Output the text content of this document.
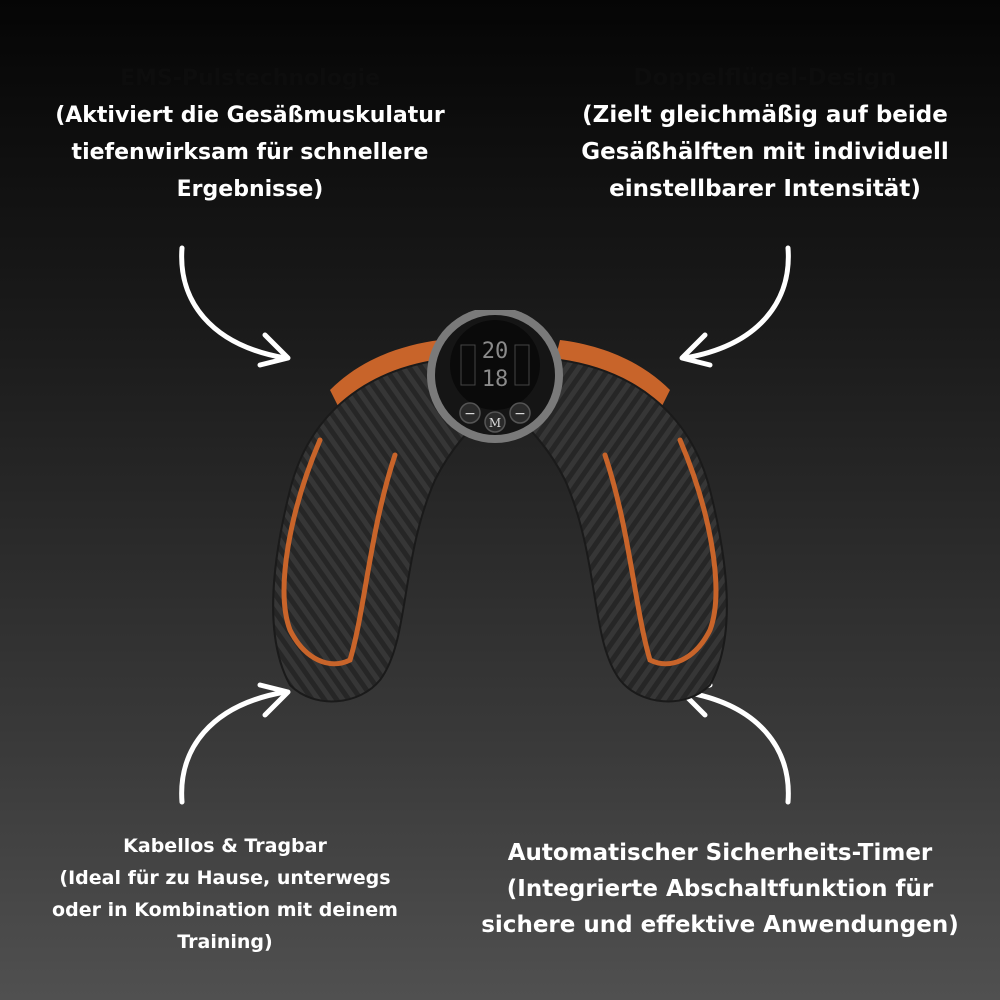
EMS-Pulstechnologie
(Aktiviert die Gesäßmuskulatur
tiefenwirksam für schnellere
Ergebnisse)
Doppelflügel-Design
(Zielt gleichmäßig auf beide
Gesäßhälften mit individuell
einstellbarer Intensität)
Kabellos & Tragbar
(Ideal für zu Hause, unterwegs
oder in Kombination mit deinem
Training)
Automatischer Sicherheits-Timer
(Integrierte Abschaltfunktion für
sichere und effektive Anwendungen)
20
18
−
M
−
